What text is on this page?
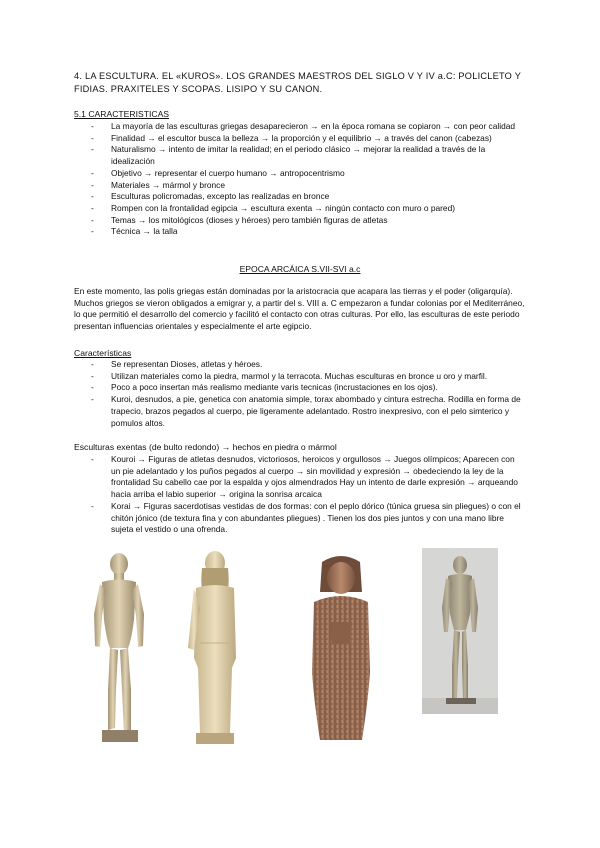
4. LA ESCULTURA. EL «KUROS». LOS GRANDES MAESTROS DEL SIGLO V Y IV a.C: POLICLETO Y FIDIAS. PRAXITELES Y SCOPAS. LISIPO Y SU CANON.
5.1 CARACTERISTICAS
- La mayoría de las esculturas griegas desaparecieron → en la época romana se copiaron → con peor calidad
- Finalidad → el escultor busca la belleza → la proporción y el equilibrio → a través del canon (cabezas)
- Naturalismo → intento de imitar la realidad; en el periodo clásico → mejorar la realidad a través de la idealización
- Objetivo → representar el cuerpo humano → antropocentrismo
- Materiales → mármol y bronce
- Esculturas policromadas, excepto las realizadas en bronce
- Rompen con la frontalidad egipcia → escultura exenta → ningún contacto con muro o pared)
- Temas → los mitológicos (dioses y héroes) pero también figuras de atletas
- Técnica → la talla
EPOCA ARCÁICA S.VII-SVI a.c

En este momento, las polis griegas están dominadas por la aristocracia que acapara las tierras y el poder (oligarquía). Muchos griegos se vieron obligados a emigrar y, a partir del s. VIII a. C empezaron a fundar colonias por el Mediterráneo, lo que permitió el desarrollo del comercio y facilitó el contacto con otras culturas. Por ello, las esculturas de este periodo presentan influencias orientales y especialmente el arte egipcio.

Características
- Se representan Dioses, atletas y héroes.
- Utilizan materiales como la piedra, marmol y la terracota. Muchas esculturas en bronce u oro y marfil.
- Poco a poco insertan más realismo mediante varis tecnicas (incrustaciones en los ojos).
- Kuroi, desnudos, a pie, genetica con anatomia simple, torax abombado y cintura estrecha. Rodilla en forma de trapecio, brazos pegados al cuerpo, pie ligeramente adelantado. Rostro inexpresivo, con el pelo simterico y pomulos altos.

Esculturas exentas (de bulto redondo) → hechos en piedra o mármol

- Kouroi → Figuras de atletas desnudos, victoriosos, heroicos y orgullosos → Juegos olímpicos; Aparecen con un pie adelantado y los puños pegados al cuerpo → sin movilidad y expresión → obedeciendo la ley de la frontalidad Su cabello cae por la espalda y ojos almendrados Hay un intento de darle expresión → arqueando hacia arriba el labio superior → origina la sonrisa arcaica
- Korai → Figuras sacerdotisas vestidas de dos formas: con el peplo dórico (túnica gruesa sin pliegues) o con el chitón jónico (de textura fina y con abundantes pliegues) . Tienen los dos pies juntos y con una mano libre sujeta el vestido o una ofrenda.
